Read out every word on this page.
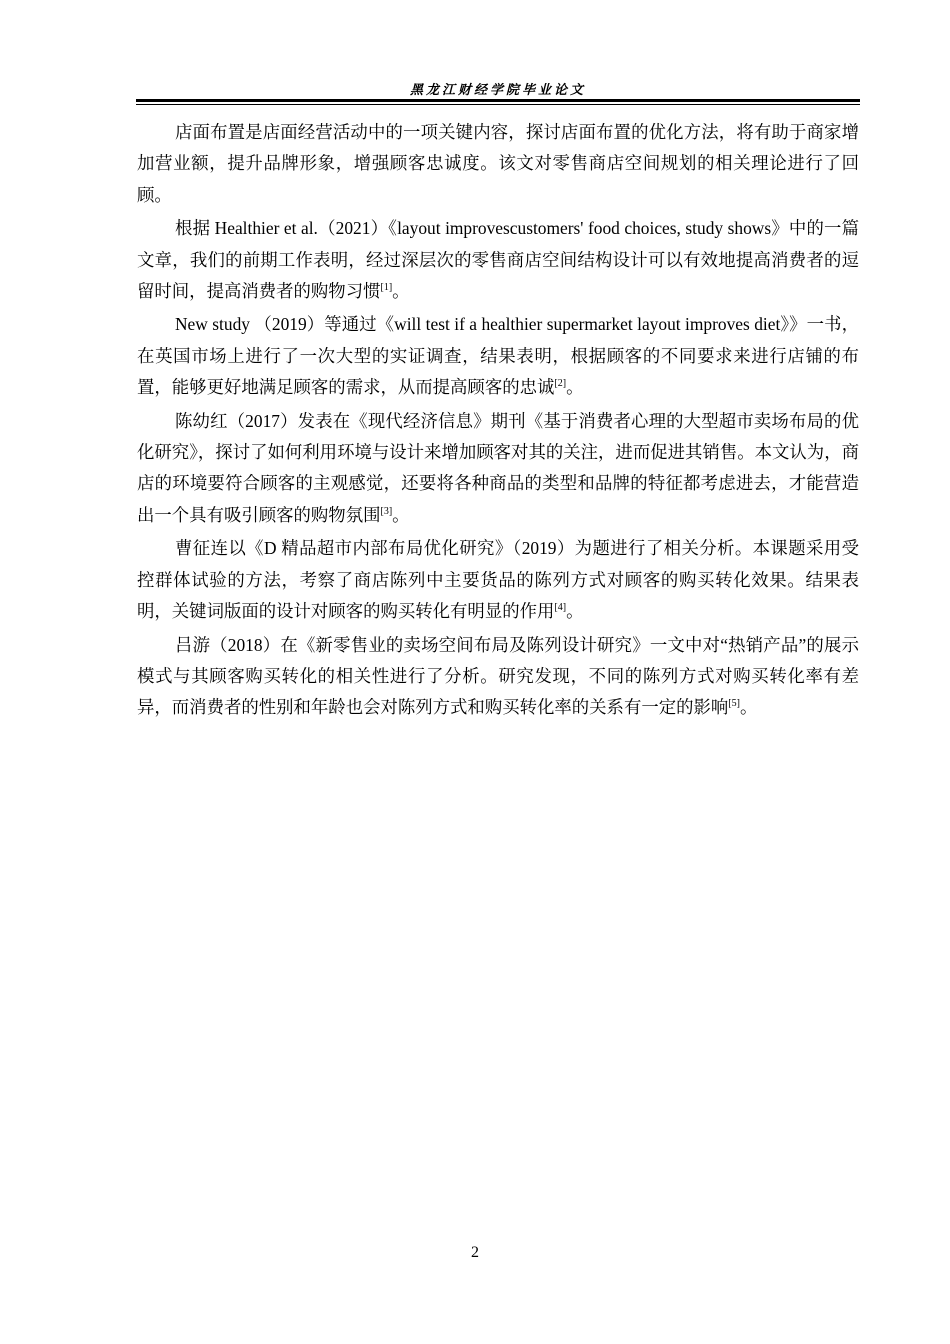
黑龙江财经学院毕业论文

店面布置是店面经营活动中的一项关键内容，探讨店面布置的优化方法，将有助于商家增加营业额，提升品牌形象，增强顾客忠诚度。该文对零售商店空间规划的相关理论进行了回顾。

根据 Healthier et al.（2021）《layout improvescustomers' food choices, study shows》中的一篇文章，我们的前期工作表明，经过深层次的零售商店空间结构设计可以有效地提高消费者的逗留时间，提高消费者的购物习惯[1]。

New study （2019）等通过《will test if a healthier supermarket layout improves diet》》一书，在英国市场上进行了一次大型的实证调查，结果表明，根据顾客的不同要求来进行店铺的布置，能够更好地满足顾客的需求，从而提高顾客的忠诚[2]。

陈幼红（2017）发表在《现代经济信息》期刊《基于消费者心理的大型超市卖场布局的优化研究》，探讨了如何利用环境与设计来增加顾客对其的关注，进而促进其销售。本文认为，商店的环境要符合顾客的主观感觉，还要将各种商品的类型和品牌的特征都考虑进去，才能营造出一个具有吸引顾客的购物氛围[3]。

曹征连以《D 精品超市内部布局优化研究》（2019）为题进行了相关分析。本课题采用受控群体试验的方法，考察了商店陈列中主要货品的陈列方式对顾客的购买转化效果。结果表明，关键词版面的设计对顾客的购买转化有明显的作用[4]。

吕游（2018）在《新零售业的卖场空间布局及陈列设计研究》一文中对“热销产品”的展示模式与其顾客购买转化的相关性进行了分析。研究发现，不同的陈列方式对购买转化率有差异，而消费者的性别和年龄也会对陈列方式和购买转化率的关系有一定的影响[5]。

2
